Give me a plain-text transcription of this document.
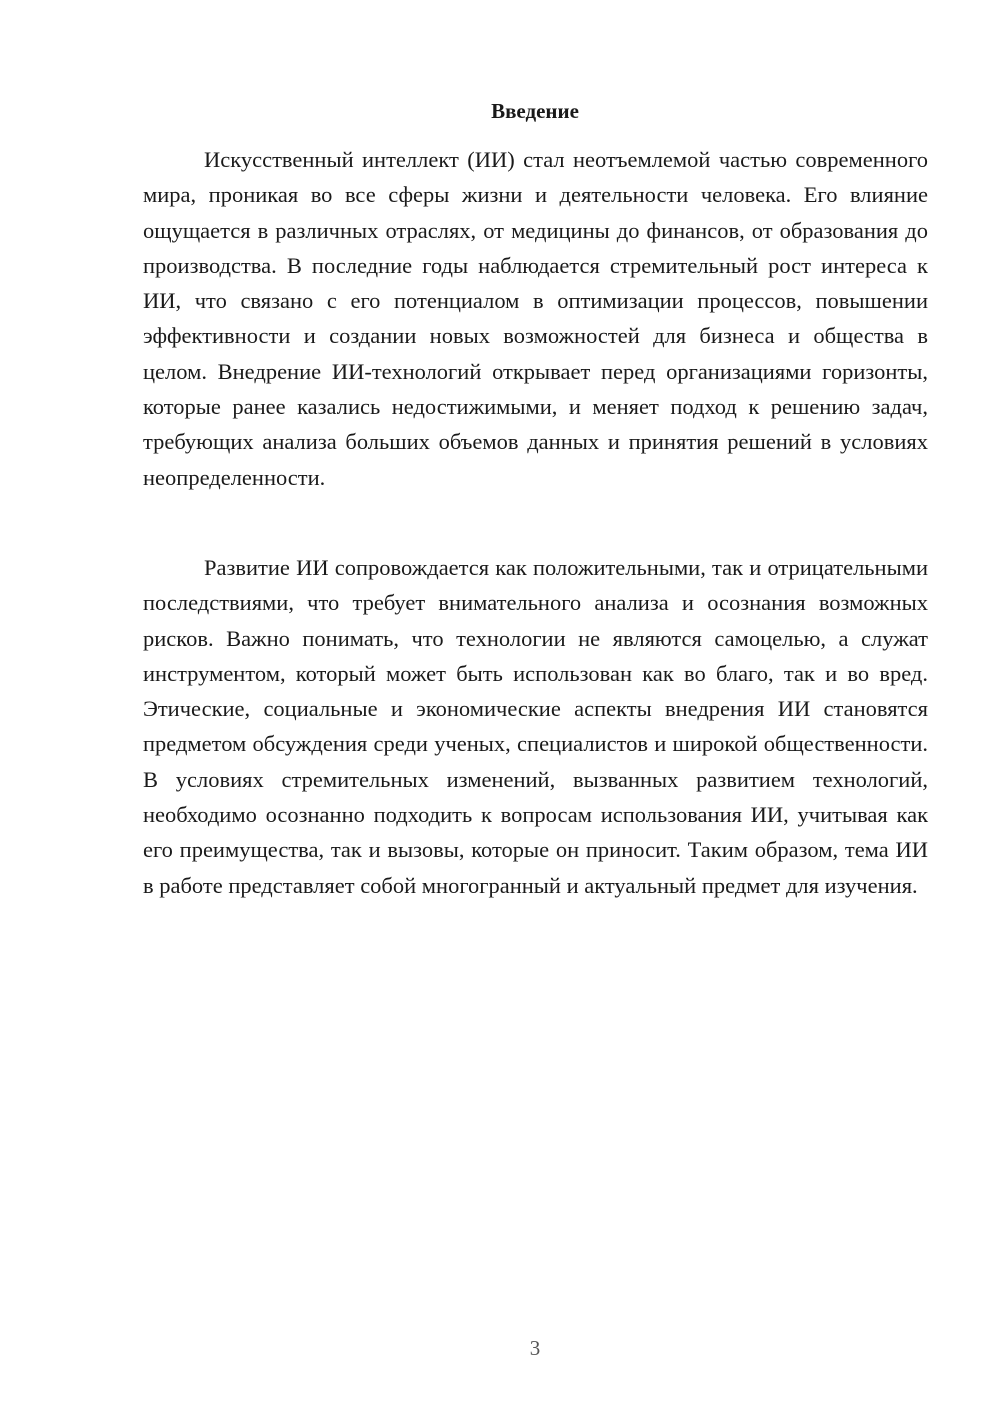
Введение

Искусственный интеллект (ИИ) стал неотъемлемой частью современного мира, проникая во все сферы жизни и деятельности человека. Его влияние ощущается в различных отраслях, от медицины до финансов, от образования до производства. В последние годы наблюдается стремительный рост интереса к ИИ, что связано с его потенциалом в оптимизации процессов, повышении эффективности и создании новых возможностей для бизнеса и общества в целом. Внедрение ИИ-технологий открывает перед организациями горизонты, которые ранее казались недостижимыми, и меняет подход к решению задач, требующих анализа больших объемов данных и принятия решений в условиях неопределенности.

Развитие ИИ сопровождается как положительными, так и отрицательными последствиями, что требует внимательного анализа и осознания возможных рисков. Важно понимать, что технологии не являются самоцелью, а служат инструментом, который может быть использован как во благо, так и во вред. Этические, социальные и экономические аспекты внедрения ИИ становятся предметом обсуждения среди ученых, специалистов и широкой общественности. В условиях стремительных изменений, вызванных развитием технологий, необходимо осознанно подходить к вопросам использования ИИ, учитывая как его преимущества, так и вызовы, которые он приносит. Таким образом, тема ИИ в работе представляет собой многогранный и актуальный предмет для изучения.

3
